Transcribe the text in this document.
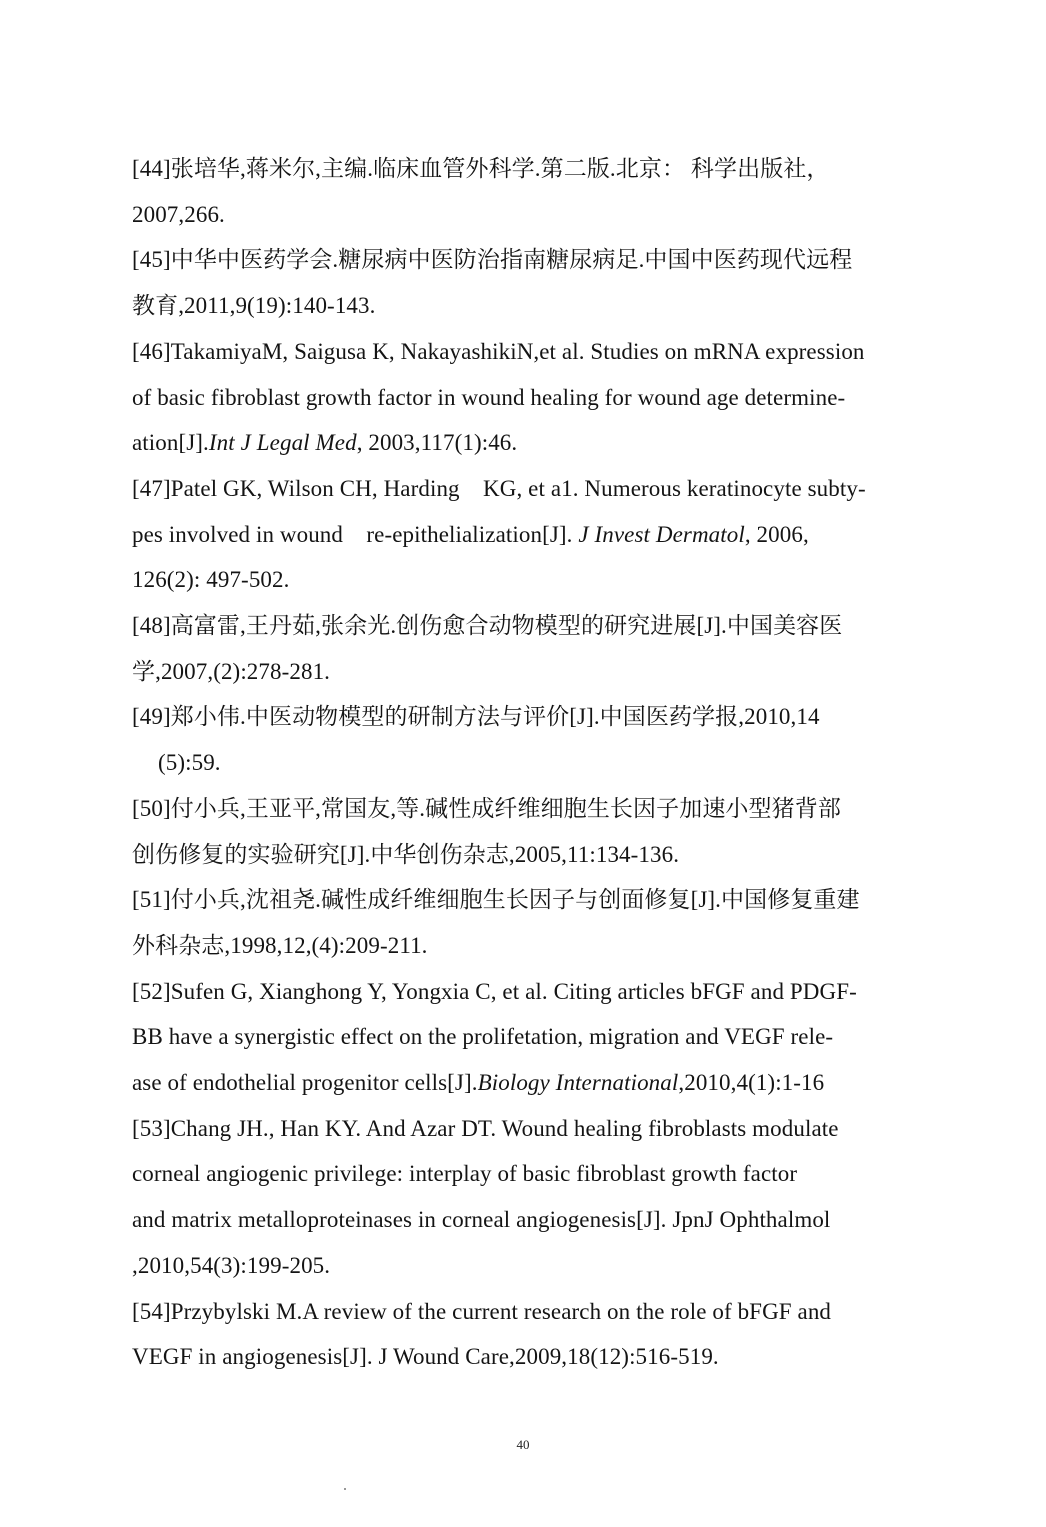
[44]张培华,蒋米尔,主编.临床血管外科学.第二版.北京： 科学出版社，
2007,266.
[45]中华中医药学会.糖尿病中医防治指南糖尿病足.中国中医药现代远程
教育,2011,9(19):140-143.
[46]TakamiyaM, Saigusa K, NakayashikiN,et al. Studies on mRNA expression
of basic fibroblast growth factor in wound healing for wound age determine-
ation[J].Int J Legal Med, 2003,117(1):46.
[47]Patel GK, Wilson CH, Harding    KG, et a1. Numerous keratinocyte subty-
pes involved in wound    re-epithelialization[J]. J Invest Dermatol, 2006,
126(2): 497-502.
[48]高富雷,王丹茹,张余光.创伤愈合动物模型的研究进展[J].中国美容医
学,2007,(2):278-281.
[49]郑小伟.中医动物模型的研制方法与评价[J].中国医药学报,2010,14
(5):59.
[50]付小兵,王亚平,常国友,等.碱性成纤维细胞生长因子加速小型猪背部
创伤修复的实验研究[J].中华创伤杂志,2005,11:134-136.
[51]付小兵,沈祖尧.碱性成纤维细胞生长因子与创面修复[J].中国修复重建
外科杂志,1998,12,(4):209-211.
[52]Sufen G, Xianghong Y, Yongxia C, et al. Citing articles bFGF and PDGF-
BB have a synergistic effect on the prolifetation, migration and VEGF rele-
ase of endothelial progenitor cells[J].Biology International,2010,4(1):1-16
[53]Chang JH., Han KY. And Azar DT. Wound healing fibroblasts modulate
corneal angiogenic privilege: interplay of basic fibroblast growth factor
and matrix metalloproteinases in corneal angiogenesis[J]. JpnJ Ophthalmol
,2010,54(3):199-205.
[54]Przybylski M.A review of the current research on the role of bFGF and
VEGF in angiogenesis[J]. J Wound Care,2009,18(12):516-519.
40
